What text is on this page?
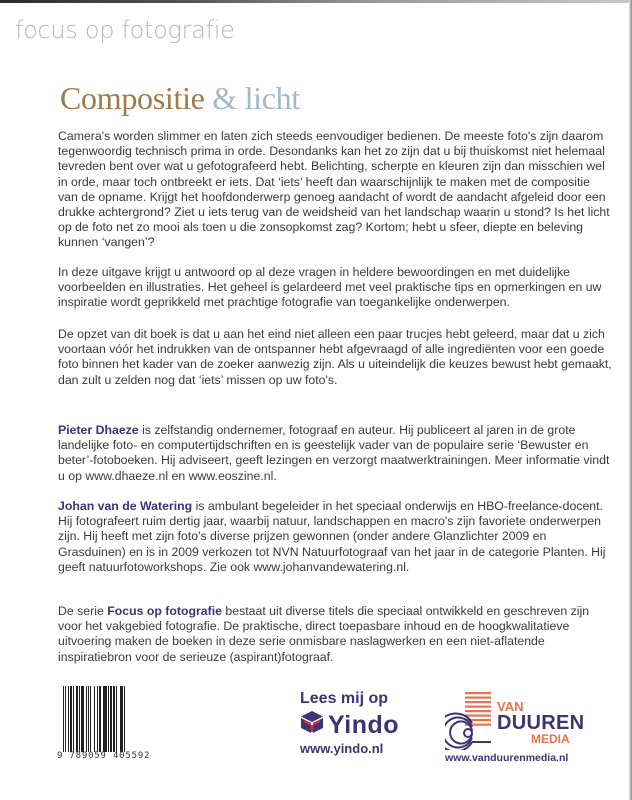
focus op fotografie
Compositie & licht

Camera's worden slimmer en laten zich steeds eenvoudiger bedienen. De meeste foto's zijn daarom tegenwoordig technisch prima in orde. Desondanks kan het zo zijn dat u bij thuiskomst niet helemaal tevreden bent over wat u gefotografeerd hebt. Belichting, scherpte en kleuren zijn dan misschien wel in orde, maar toch ontbreekt er iets. Dat ‘iets’ heeft dan waarschijnlijk te maken met de compositie van de opname. Krijgt het hoofdonderwerp genoeg aandacht of wordt de aandacht afgeleid door een drukke achtergrond? Ziet u iets terug van de weidsheid van het landschap waarin u stond? Is het licht op de foto net zo mooi als toen u die zonsopkomst zag? Kortom; hebt u sfeer, diepte en beleving kunnen ‘vangen’?

In deze uitgave krijgt u antwoord op al deze vragen in heldere bewoordingen en met duidelijke voorbeelden en illustraties. Het geheel is gelardeerd met veel praktische tips en opmerkingen en uw inspiratie wordt geprikkeld met prachtige fotografie van toegankelijke onderwerpen.

De opzet van dit boek is dat u aan het eind niet alleen een paar trucjes hebt geleerd, maar dat u zich voortaan vóór het indrukken van de ontspanner hebt afgevraagd of alle ingrediënten voor een goede foto binnen het kader van de zoeker aanwezig zijn. Als u uiteindelijk die keuzes bewust hebt gemaakt, dan zult u zelden nog dat ‘iets’ missen op uw foto's.

Pieter Dhaeze is zelfstandig ondernemer, fotograaf en auteur. Hij publiceert al jaren in de grote landelijke foto- en computertijdschriften en is geestelijk vader van de populaire serie ‘Bewuster en beter’-fotoboeken. Hij adviseert, geeft lezingen en verzorgt maatwerktrainingen. Meer informatie vindt u op www.dhaeze.nl en www.eoszine.nl.

Johan van de Watering is ambulant begeleider in het speciaal onderwijs en HBO-freelance-docent. Hij fotografeert ruim dertig jaar, waarbij natuur, landschappen en macro's zijn favoriete onderwerpen zijn. Hij heeft met zijn foto's diverse prijzen gewonnen (onder andere Glanzlichter 2009 en Grasduinen) en is in 2009 verkozen tot NVN Natuurfotograaf van het jaar in de categorie Planten. Hij geeft natuurfotoworkshops. Zie ook www.johanvandewatering.nl.

De serie Focus op fotografie bestaat uit diverse titels die speciaal ontwikkeld en geschreven zijn voor het vakgebied fotografie. De praktische, direct toepasbare inhoud en de hoogkwalitatieve uitvoering maken de boeken in deze serie onmisbare naslagwerken en een niet-aflatende inspiratiebron voor de serieuze (aspirant)fotograaf.

9 789059 405592
Lees mij op
Yindo
www.yindo.nl
VAN
DUUREN
MEDIA
www.vanduurenmedia.nl
